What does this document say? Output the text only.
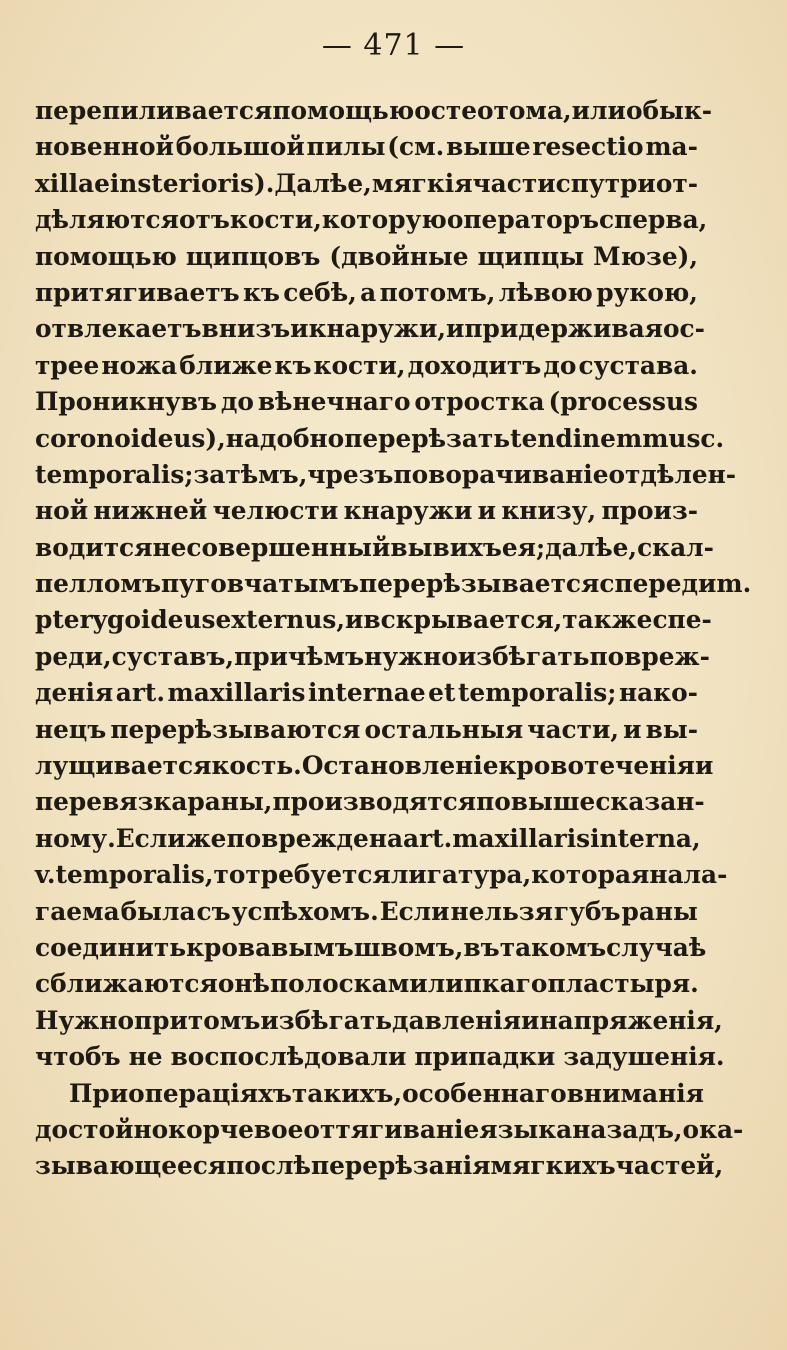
— 471 —
перепиливается помощью остеотома, или обык-
новенной большой пилы (см. выше resectio ma-
xillae insterioris). Далѣе, мягкія части спутри от-
дѣляются отъ кости, которую операторъ сперва,
помощью щипцовъ (двойные щипцы Мюзе),
притягиваетъ къ себѣ, а потомъ, лѣвою рукою,
отвлекаетъ внизъ и кнаружи, и придерживая ос-
трее ножа ближе къ кости, доходитъ до сустава.
Проникнувъ до вѣнечнаго отростка (processus
coronoideus), надобно перерѣзать tendinem musc.
temporalis; затѣмъ, чрезъ поворачиваніе отдѣлен-
ной нижней челюсти кнаружи и книзу, произ-
водится несовершенный вывихъ ея; далѣе, скал-
пелломъ пуговчатымъ перерѣзывается спереди m.
pterygoideus externus, и вскрывается, также спе-
реди, суставъ, причѣмъ нужно избѣгать повреж-
денія art. maxillaris internae et temporalis; нако-
нецъ перерѣзываются остальныя части, и вы-
лущивается кость. Остановленіе кровотеченія и
перевязка раны, производятся по выше сказан-
ному. Если же повреждена art. maxillaris interna,
v. temporalis, то требуется лигатура, которая нала-
гаема была съ успѣхомъ. Если нельзя губъ раны
соединить кровавымъ швомъ, въ такомъ случаѣ
сближаются онѣ полосками липкаго пластыря.
Нужно притомъ избѣгать давленія и напряженія,
чтобъ не воспослѣдовали припадки задушенія.
При операціяхъ такихъ, особеннаго вниманія
достойно корчевое оттягиваніе языка назадъ, ока-
зывающееся послѣ перерѣзанія мягкихъ частей,
